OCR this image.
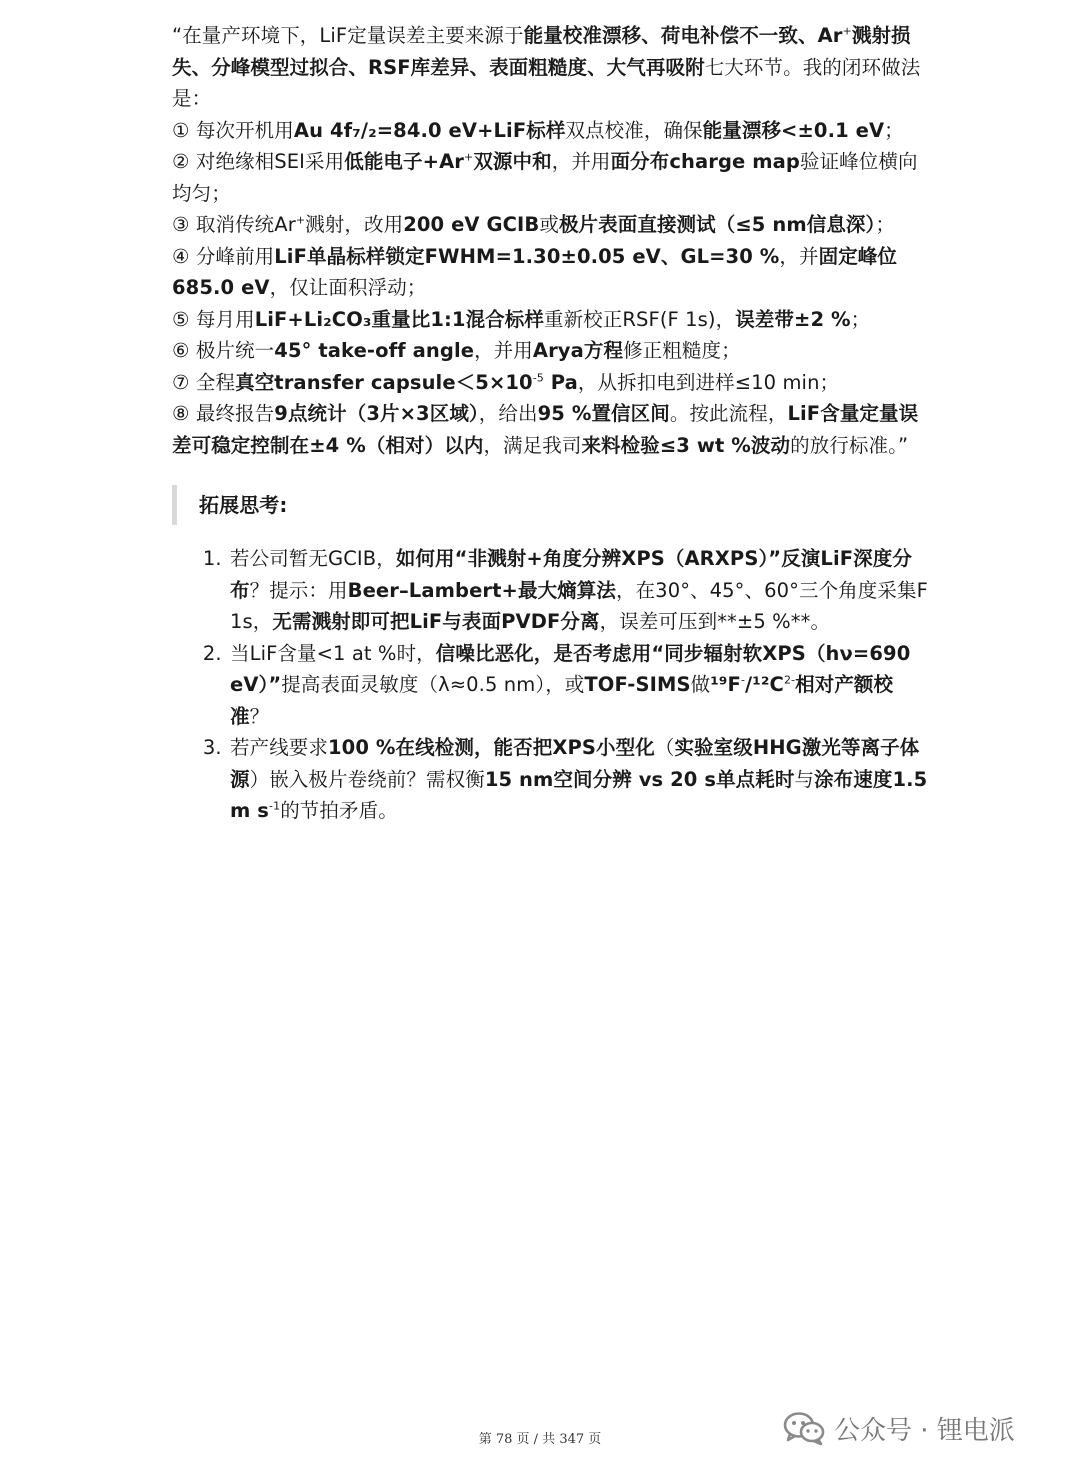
“在量产环境下，LiF定量误差主要来源于能量校准漂移、荷电补偿不一致、Ar+溅射损失、分峰模型过拟合、RSF库差异、表面粗糙度、大气再吸附七大环节。我的闭环做法是：

① 每次开机用Au 4f₇/₂=84.0 eV+LiF标样双点校准，确保能量漂移<±0.1 eV；

② 对绝缘相SEI采用低能电子+Ar+双源中和，并用面分布charge map验证峰位横向均匀；

③ 取消传统Ar+溅射，改用200 eV GCIB或极片表面直接测试（≤5 nm信息深）；

④ 分峰前用LiF单晶标样锁定FWHM=1.30±0.05 eV、GL=30 %，并固定峰位685.0 eV，仅让面积浮动；

⑤ 每月用LiF+Li₂CO₃重量比1:1混合标样重新校正RSF(F 1s)，误差带±2 %；

⑥ 极片统一45° take-off angle，并用Arya方程修正粗糙度；

⑦ 全程真空transfer $capsule<5\times 10^{-5}$ Pa，从拆扣电到进样≤10 min；

⑧ 最终报告9点统计（3片×3区域），给出95 %置信区间。按此流程，LiF含量定量误差可稳定控制在±4 %（相对）以内，满足我司来料检验≤3 wt %波动的放行标准。”

拓展思考:
1. 若公司暂无GCIB，如何用“非溅射+角度分辨XPS（ARXPS）”反演LiF深度分布？提示：用Beer–Lambert+最大熵算法，在30°、45°、60°三个角度采集F 1s，无需溅射即可把LiF与表面PVDF分离，误差可压到**±5 %**。
2. 当LiF含量<1 at %时，信噪比恶化，是否考虑用“同步辐射软XPS（hν=690 eV）”提高表面灵敏度（λ≈0.5 nm），或TOF-SIMS做$^{19}F^-/^{12}C^{2-}$相对产额校准？
3. 若产线要求100 %在线检测，能否把XPS小型化（实验室级HHG激光等离子体源）嵌入极片卷绕前？需权衡15 nm空间分辨 vs 20 s单点耗时与涂布速度1.5 m $s^{-1}$的节拍矛盾。
第 78 页 / 共 347 页	公众号 · 锂电派
